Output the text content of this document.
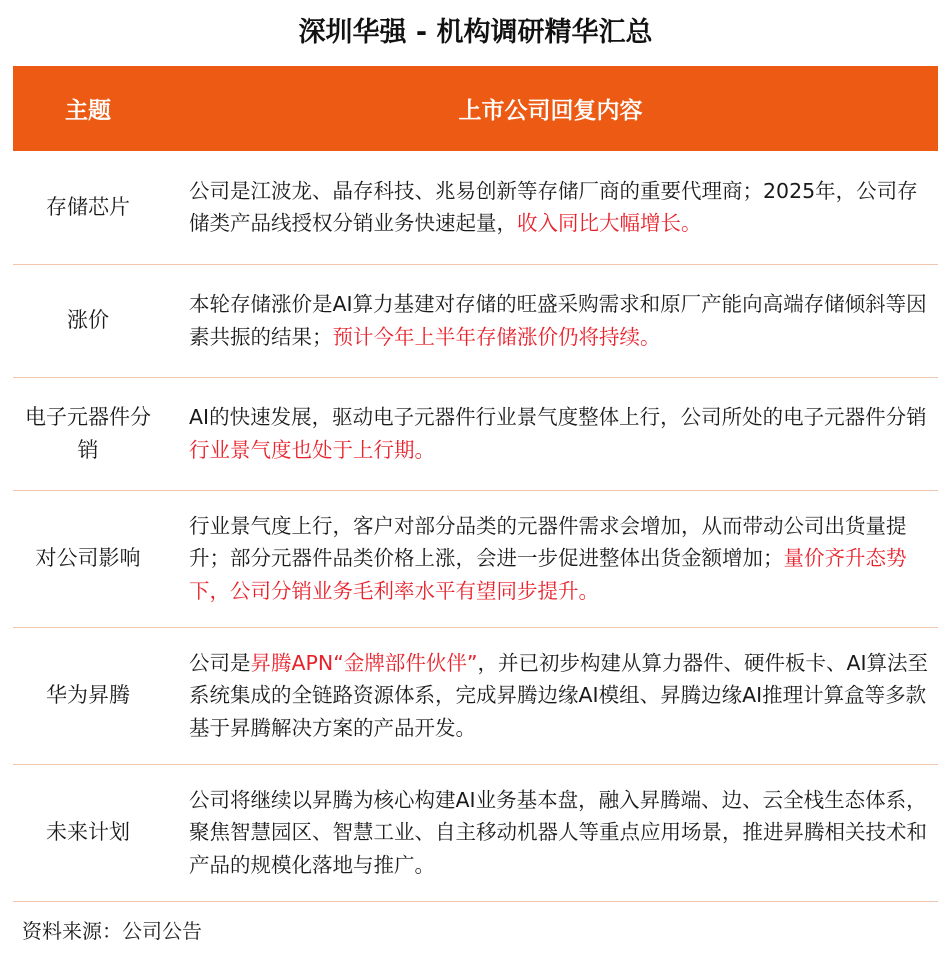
深圳华强 - 机构调研精华汇总
主题	上市公司回复内容
存储芯片	公司是江波龙、晶存科技、兆易创新等存储厂商的重要代理商；2025年，公司存储类产品线授权分销业务快速起量，收入同比大幅增长。
涨价	本轮存储涨价是AI算力基建对存储的旺盛采购需求和原厂产能向高端存储倾斜等因素共振的结果；预计今年上半年存储涨价仍将持续。
电子元器件分销	AI的快速发展，驱动电子元器件行业景气度整体上行，公司所处的电子元器件分销行业景气度也处于上行期。
对公司影响	行业景气度上行，客户对部分品类的元器件需求会增加，从而带动公司出货量提升；部分元器件品类价格上涨，会进一步促进整体出货金额增加；量价齐升态势下，公司分销业务毛利率水平有望同步提升。
华为昇腾	公司是昇腾APN“金牌部件伙伴”，并已初步构建从算力器件、硬件板卡、AI算法至系统集成的全链路资源体系，完成昇腾边缘AI模组、昇腾边缘AI推理计算盒等多款基于昇腾解决方案的产品开发。
未来计划	公司将继续以昇腾为核心构建AI业务基本盘，融入昇腾端、边、云全栈生态体系，聚焦智慧园区、智慧工业、自主移动机器人等重点应用场景，推进昇腾相关技术和产品的规模化落地与推广。
资料来源：公司公告
